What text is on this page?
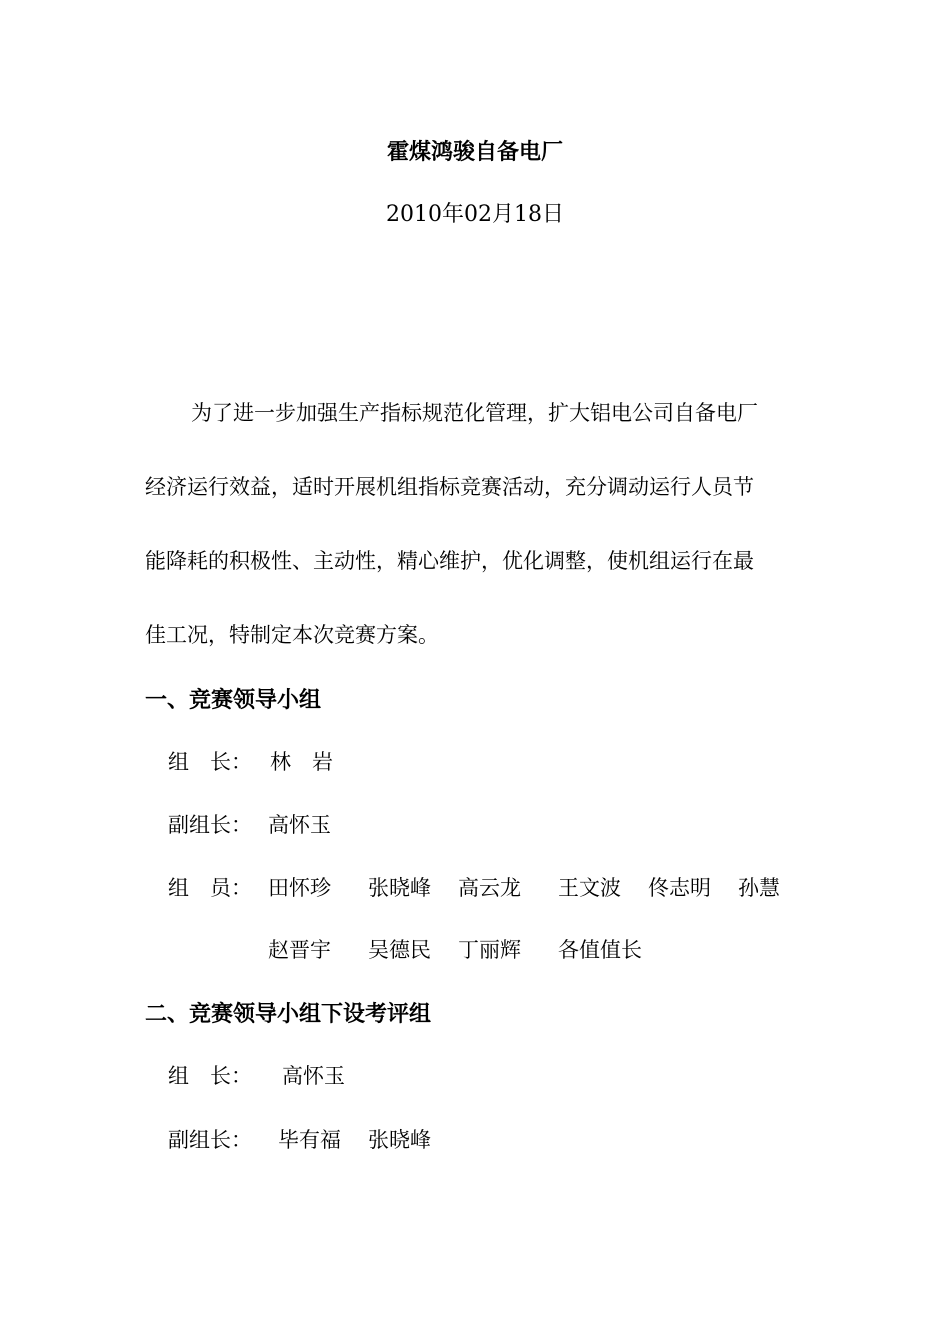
霍煤鸿骏自备电厂
2010年02月18日
为了进一步加强生产指标规范化管理，扩大铝电公司自备电厂
经济运行效益，适时开展机组指标竞赛活动，充分调动运行人员节
能降耗的积极性、主动性，精心维护，优化调整，使机组运行在最
佳工况，特制定本次竞赛方案。
一、竞赛领导小组
组　长： 林　岩
副组长： 高怀玉
组　员： 田怀珍 张晓峰 高云龙 王文波 佟志明 孙慧
赵晋宇 吴德民 丁丽辉 各值值长
二、竞赛领导小组下设考评组
组　长： 高怀玉
副组长： 毕有福 张晓峰
